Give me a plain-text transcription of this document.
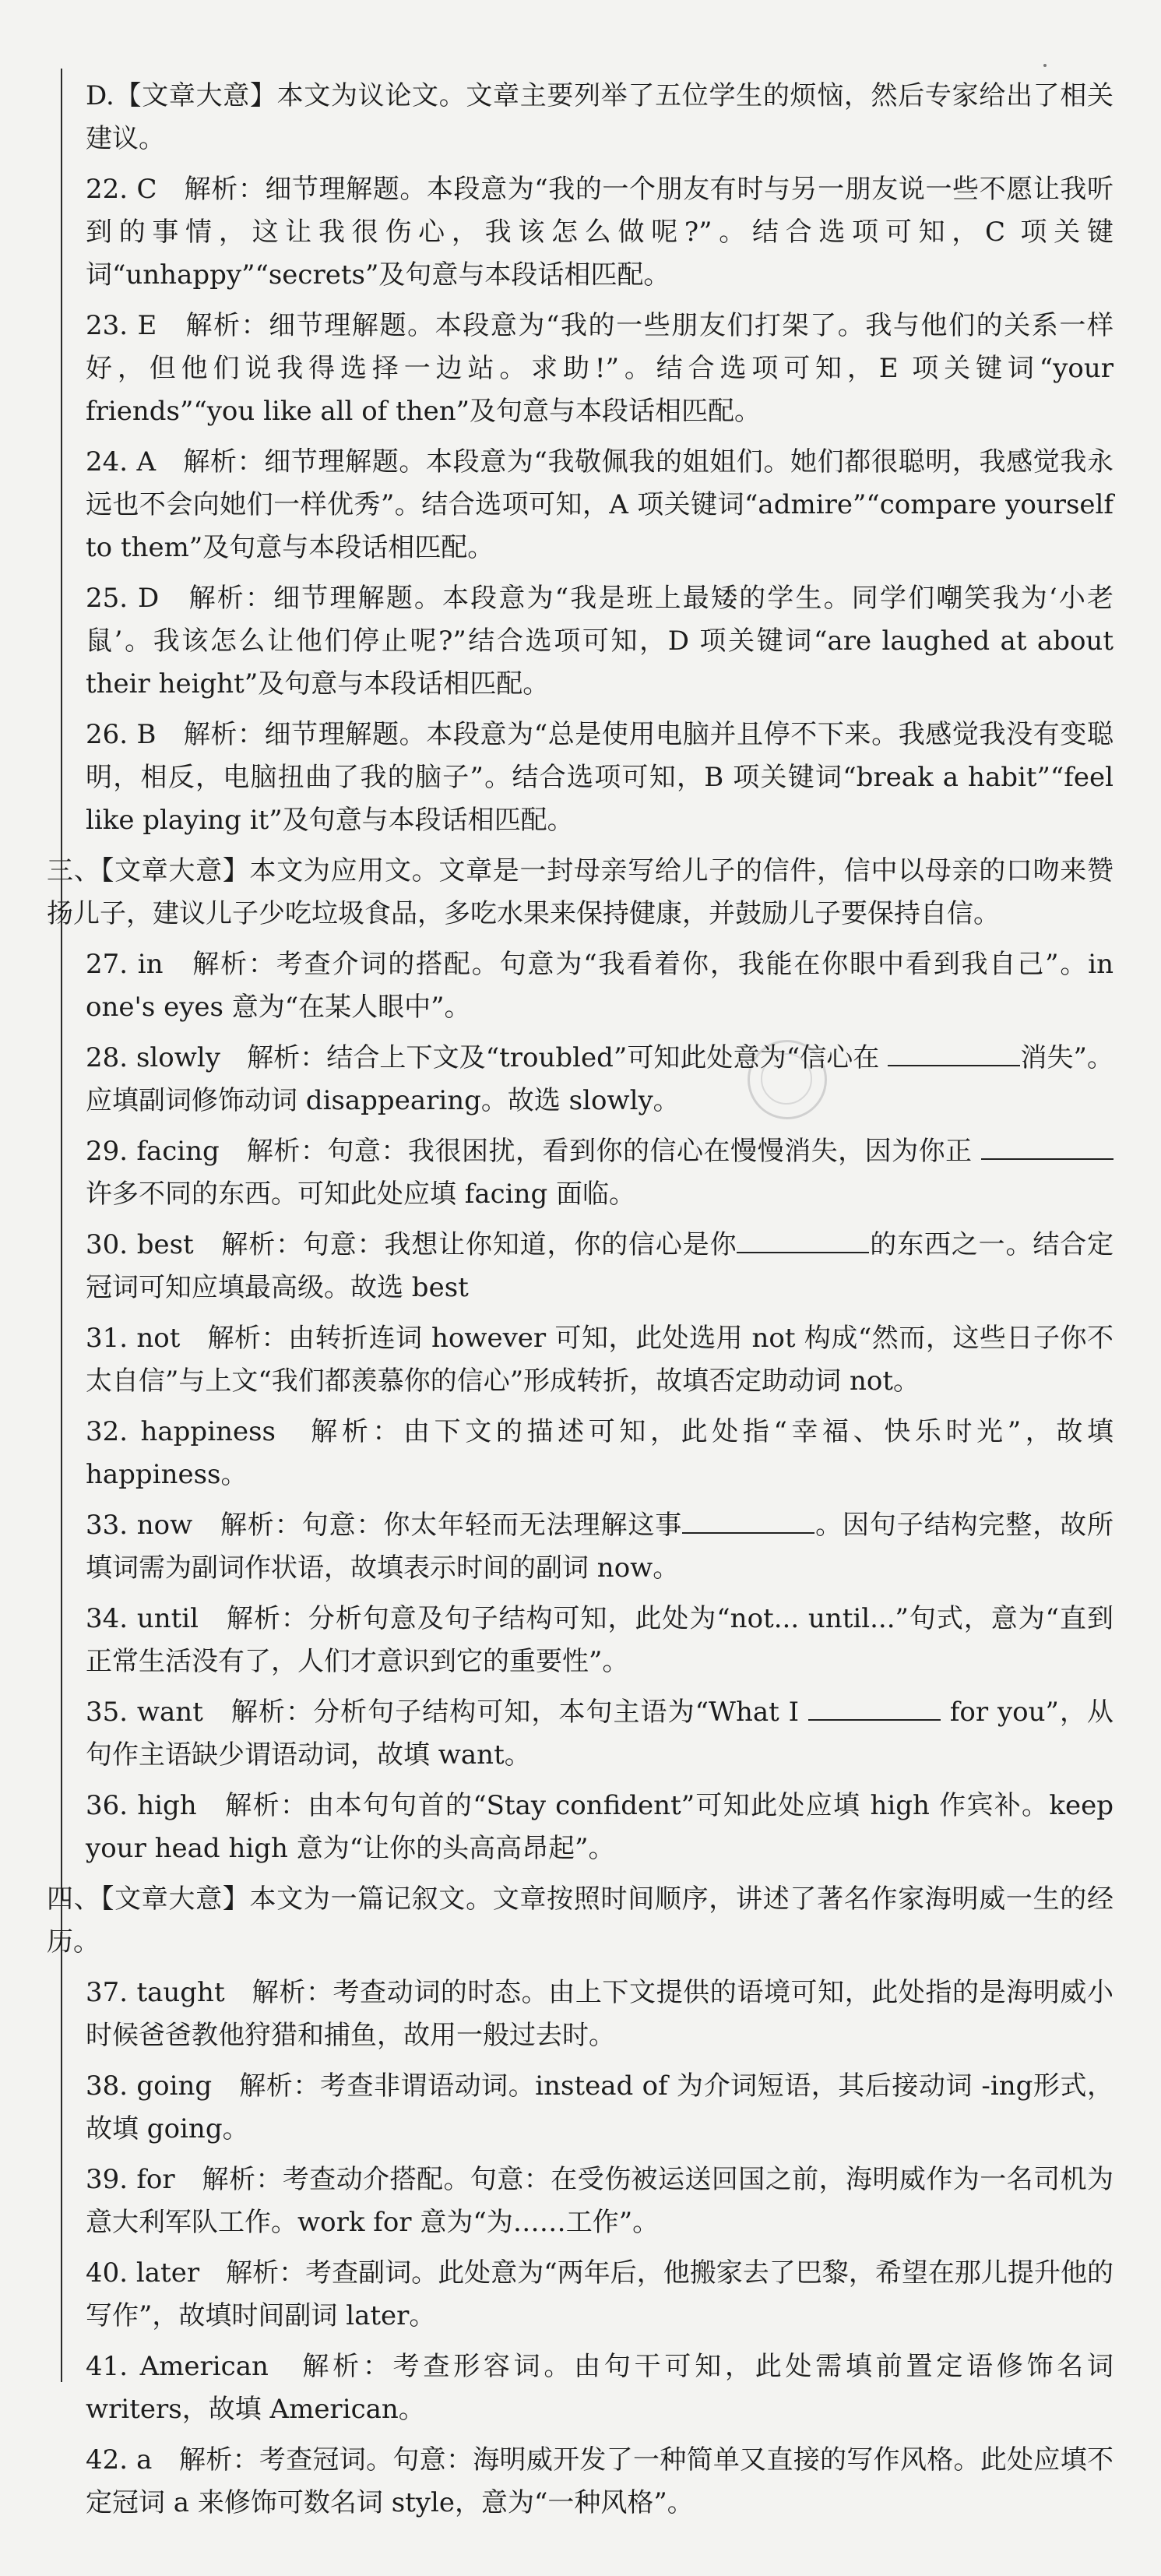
D.【文章大意】本文为议论文。文章主要列举了五位学生的烦恼，然后专家给出了相关建议。

22. C　解析：细节理解题。本段意为“我的一个朋友有时与另一朋友说一些不愿让我听到的事情，这让我很伤心，我该怎么做呢?”。结合选项可知，C 项关键词“unhappy”“secrets”及句意与本段话相匹配。

23. E　解析：细节理解题。本段意为“我的一些朋友们打架了。我与他们的关系一样好，但他们说我得选择一边站。求助!”。结合选项可知，E 项关键词“your friends”“you like all of then”及句意与本段话相匹配。

24. A　解析：细节理解题。本段意为“我敬佩我的姐姐们。她们都很聪明，我感觉我永远也不会向她们一样优秀”。结合选项可知，A 项关键词“admire”“compare yourself to them”及句意与本段话相匹配。

25. D　解析：细节理解题。本段意为“我是班上最矮的学生。同学们嘲笑我为‘小老鼠’。我该怎么让他们停止呢?”结合选项可知，D 项关键词“are laughed at about their height”及句意与本段话相匹配。

26. B　解析：细节理解题。本段意为“总是使用电脑并且停不下来。我感觉我没有变聪明，相反，电脑扭曲了我的脑子”。结合选项可知，B 项关键词“break a habit”“feel like playing it”及句意与本段话相匹配。

三、【文章大意】本文为应用文。文章是一封母亲写给儿子的信件，信中以母亲的口吻来赞扬儿子，建议儿子少吃垃圾食品，多吃水果来保持健康，并鼓励儿子要保持自信。

27. in　解析：考查介词的搭配。句意为“我看着你，我能在你眼中看到我自己”。in one's eyes 意为“在某人眼中”。

28. slowly　解析：结合上下文及“troubled”可知此处意为“信心在	消失”。应填副词修饰动词 disappearing。故选 slowly。

29. facing　解析：句意：我很困扰，看到你的信心在慢慢消失，因为你正 许多不同的东西。可知此处应填 facing 面临。

30. best　解析：句意：我想让你知道，你的信心是你	的东西之一。结合定冠词可知应填最高级。故选 best

31. not　解析：由转折连词 however 可知，此处选用 not 构成“然而，这些日子你不太自信”与上文“我们都羡慕你的信心”形成转折，故填否定助动词 not。

32. happiness　解析：由下文的描述可知，此处指“幸福、快乐时光”，故填 happiness。

33. now　解析：句意：你太年轻而无法理解这事	。因句子结构完整，故所填词需为副词作状语，故填表示时间的副词 now。

34. until　解析：分析句意及句子结构可知，此处为“not... until...”句式，意为“直到正常生活没有了，人们才意识到它的重要性”。

35. want　解析：分析句子结构可知，本句主语为“What I	for you”，从句作主语缺少谓语动词，故填 want。

36. high　解析：由本句句首的“Stay confident”可知此处应填 high 作宾补。keep your head high 意为“让你的头高高昂起”。

四、【文章大意】本文为一篇记叙文。文章按照时间顺序，讲述了著名作家海明威一生的经历。

37. taught　解析：考查动词的时态。由上下文提供的语境可知，此处指的是海明威小时候爸爸教他狩猎和捕鱼，故用一般过去时。

38. going　解析：考查非谓语动词。instead of 为介词短语，其后接动词 -ing形式，故填 going。

39. for　解析：考查动介搭配。句意：在受伤被运送回国之前，海明威作为一名司机为意大利军队工作。work for 意为“为……工作”。

40. later　解析：考查副词。此处意为“两年后，他搬家去了巴黎，希望在那儿提升他的写作”，故填时间副词 later。

41. American　解析：考查形容词。由句干可知，此处需填前置定语修饰名词 writers，故填 American。

42. a　解析：考查冠词。句意：海明威开发了一种简单又直接的写作风格。此处应填不定冠词 a 来修饰可数名词 style，意为“一种风格”。
